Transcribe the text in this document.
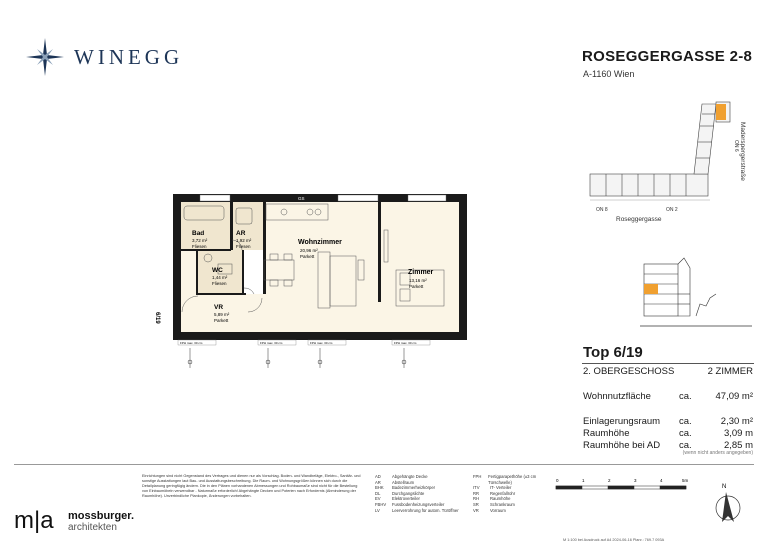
WINEGG	ROSEGGERGASSE 2-8
A-1160 Wien
ON 8	ON 2
ON 6
Roseggergasse
Maderspergerstraße
Bad
3,72 m²
Fliesen
AR
1,92 m²
Fliesen
WC
1,44 m²
Fliesen
VR
5,89 m²
Parkett
Wohnzimmer
20,96 m²
Parkett
Zimmer
13,16 m²
Parkett
GS
6/19
FPH max. 30 cm	FPH max. 30 cm	FPH max. 30 cm	FPH max. 30 cm
Top 6/19
2. OBERGESCHOSS	2 ZIMMER
Wohnnutzfläche	ca.	47,09 m²
Einlagerungsraum	ca.	2,30 m²
Raumhöhe	ca.	3,09 m
Raumhöhe bei AD	ca.	2,85 m
(wenn nicht anders angegeben)
m|a mossburger.
architekten
Einrichtungen sind nicht Gegenstand des Vertrages und dienen nur als Vorschlag. Boden- und Wandbeläge, Elektro-, Sanitär- und sonstige Ausstattungen laut Bau- und Ausstattungsbeschreibung. Die Raum- und Wohnungsgrößen können sich durch die Detailplanung geringfügig ändern. Die in den Plänen vorhandenen Abmessungen und Rohbaumaße sind nicht für die Bestellung von Einbaumöbeln verwendbar - Naturmaße erforderlich! Abgehängte Decken und Poterien nach Erfordernis (Abminderung der Raumhöhe). Unverbindliche Plankopie, Änderungen vorbehalten.
AD	Abgehängte Decke
AR	Abstellraum
BHK	Badezimmerheizkörper
DL	Durchgangslichte
EV	Elektroverteiler
FBHV	Fussbodenheizungsverteiler
LV	Leerverrohrung für autom. Türöffner
FPH	Fertigparapethöhe (±3 cm Türschwelle)
ITV	IT- Verteiler
RR	Regenfallrohr
RH	Raumhöhe
SR	Schrankraum
VR	Vorraum
0	1	2	3	4	5m
M 1:100 bei Ausdruck auf A4 2024-06-16 Planr.: 769.7 093A
N
